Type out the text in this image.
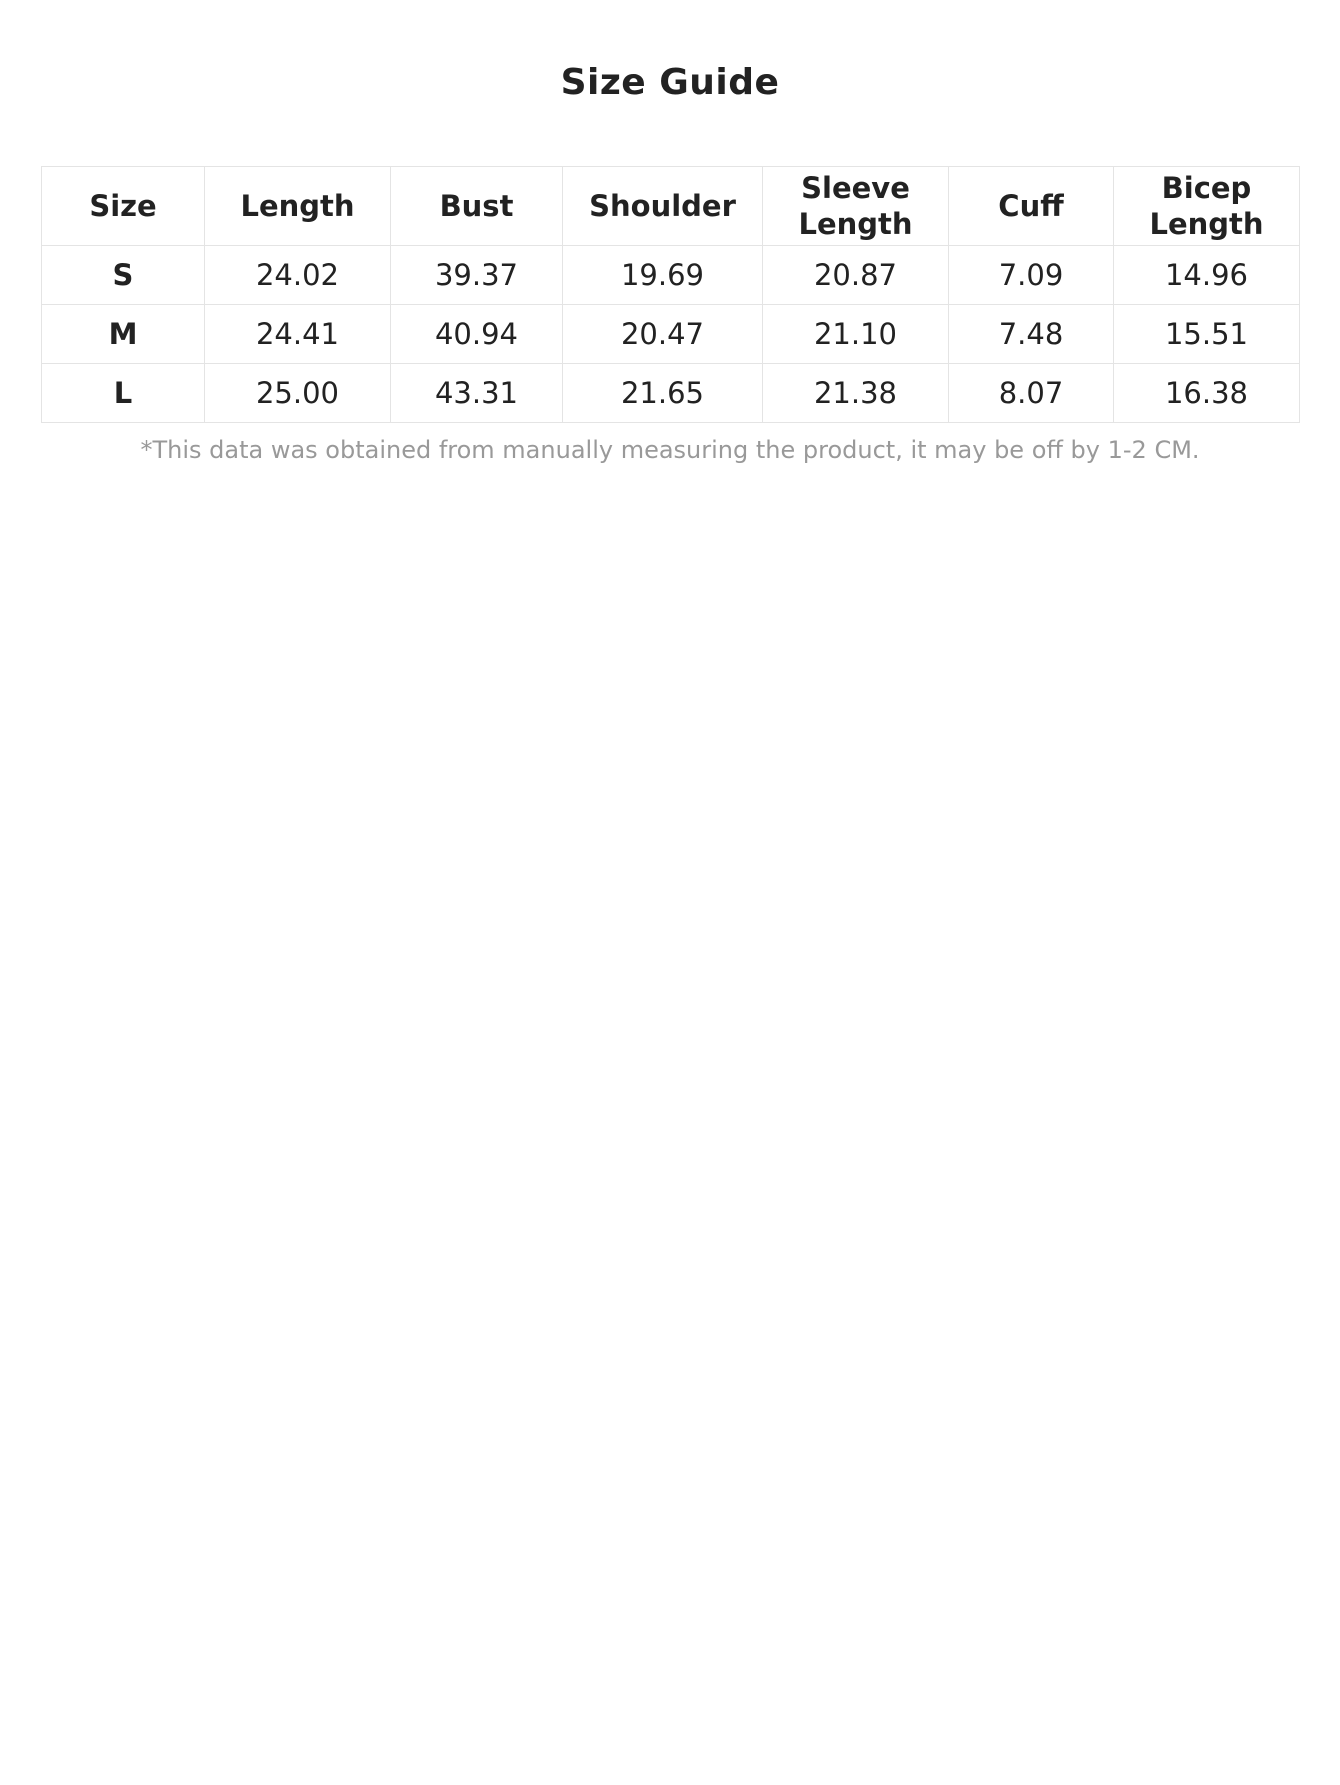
Size Guide
Size	Length	Bust	Shoulder	Sleeve Length	Cuff	Bicep Length
S	24.02	39.37	19.69	20.87	7.09	14.96
M	24.41	40.94	20.47	21.10	7.48	15.51
L	25.00	43.31	21.65	21.38	8.07	16.38
*This data was obtained from manually measuring the product, it may be off by 1-2 CM.
